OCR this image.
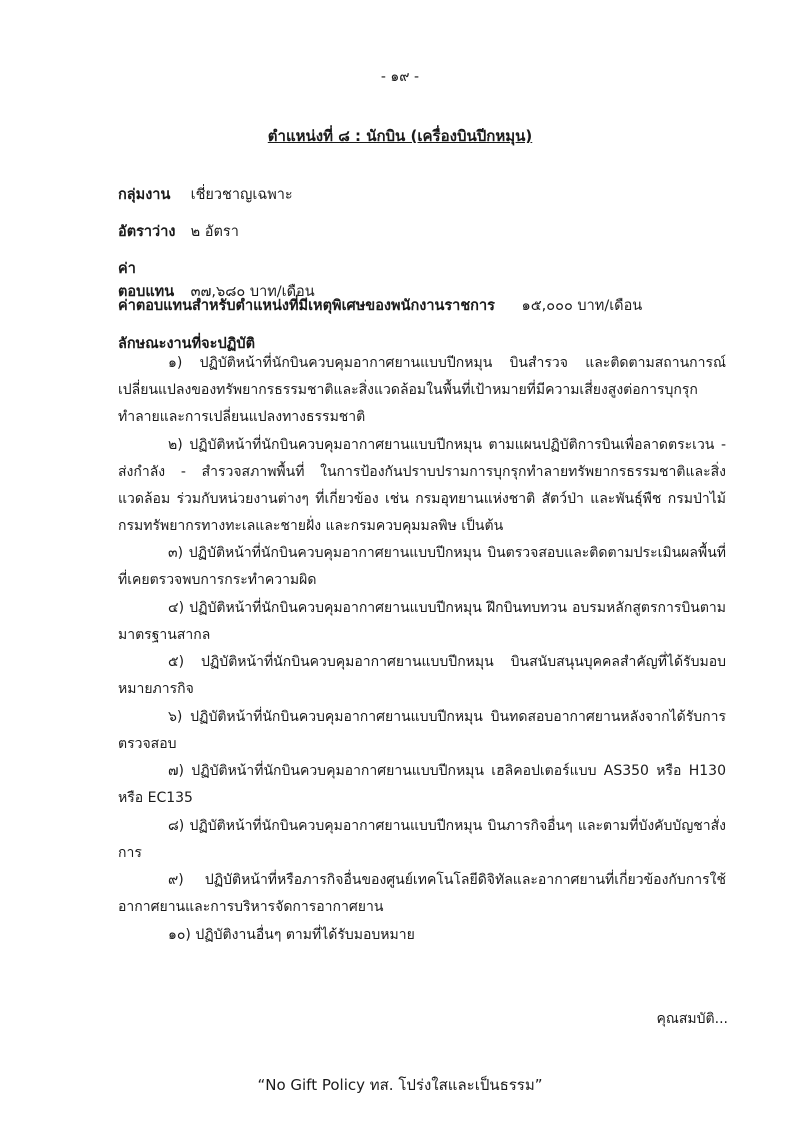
- ๑๙ -
ตำแหน่งที่ ๘ : นักบิน (เครื่องบินปีกหมุน)
กลุ่มงาน เชี่ยวชาญเฉพาะ
อัตราว่าง ๒ อัตรา
ค่าตอบแทน ๓๗,๖๘๐ บาท/เดือน
ค่าตอบแทนสำหรับตำแหน่งที่มีเหตุพิเศษของพนักงานราชการ ๑๕,๐๐๐ บาท/เดือน
ลักษณะงานที่จะปฏิบัติ
๑) ปฏิบัติหน้าที่นักบินควบคุมอากาศยานแบบปีกหมุน บินสำรวจ และติดตามสถานการณ์เปลี่ยนแปลงของทรัพยากรธรรมชาติและสิ่งแวดล้อมในพื้นที่เป้าหมายที่มีความเสี่ยงสูงต่อการบุกรุกทำลายและการเปลี่ยนแปลงทางธรรมชาติ
๒) ปฏิบัติหน้าที่นักบินควบคุมอากาศยานแบบปีกหมุน ตามแผนปฏิบัติการบินเพื่อลาดตระเวน - ส่งกำลัง - สำรวจสภาพพื้นที่ ในการป้องกันปราบปรามการบุกรุกทำลายทรัพยากรธรรมชาติและสิ่งแวดล้อม ร่วมกับหน่วยงานต่างๆ ที่เกี่ยวข้อง เช่น กรมอุทยานแห่งชาติ สัตว์ป่า และพันธุ์พืช กรมป่าไม้ กรมทรัพยากรทางทะเลและชายฝั่ง และกรมควบคุมมลพิษ เป็นต้น
๓) ปฏิบัติหน้าที่นักบินควบคุมอากาศยานแบบปีกหมุน บินตรวจสอบและติดตามประเมินผลพื้นที่ที่เคยตรวจพบการกระทำความผิด
๔) ปฏิบัติหน้าที่นักบินควบคุมอากาศยานแบบปีกหมุน ฝึกบินทบทวน อบรมหลักสูตรการบินตามมาตรฐานสากล
๕) ปฏิบัติหน้าที่นักบินควบคุมอากาศยานแบบปีกหมุน บินสนับสนุนบุคคลสำคัญที่ได้รับมอบหมายภารกิจ
๖) ปฏิบัติหน้าที่นักบินควบคุมอากาศยานแบบปีกหมุน บินทดสอบอากาศยานหลังจากได้รับการตรวจสอบ
๗) ปฏิบัติหน้าที่นักบินควบคุมอากาศยานแบบปีกหมุน เฮลิคอปเตอร์แบบ AS350 หรือ H130 หรือ EC135
๘) ปฏิบัติหน้าที่นักบินควบคุมอากาศยานแบบปีกหมุน บินภารกิจอื่นๆ และตามที่บังคับบัญชาสั่งการ
๙) ปฏิบัติหน้าที่หรือภารกิจอื่นของศูนย์เทคโนโลยีดิจิทัลและอากาศยานที่เกี่ยวข้องกับการใช้อากาศยานและการบริหารจัดการอากาศยาน
๑๐) ปฏิบัติงานอื่นๆ ตามที่ได้รับมอบหมาย
คุณสมบัติ...
“No Gift Policy ทส. โปร่งใสและเป็นธรรม”
